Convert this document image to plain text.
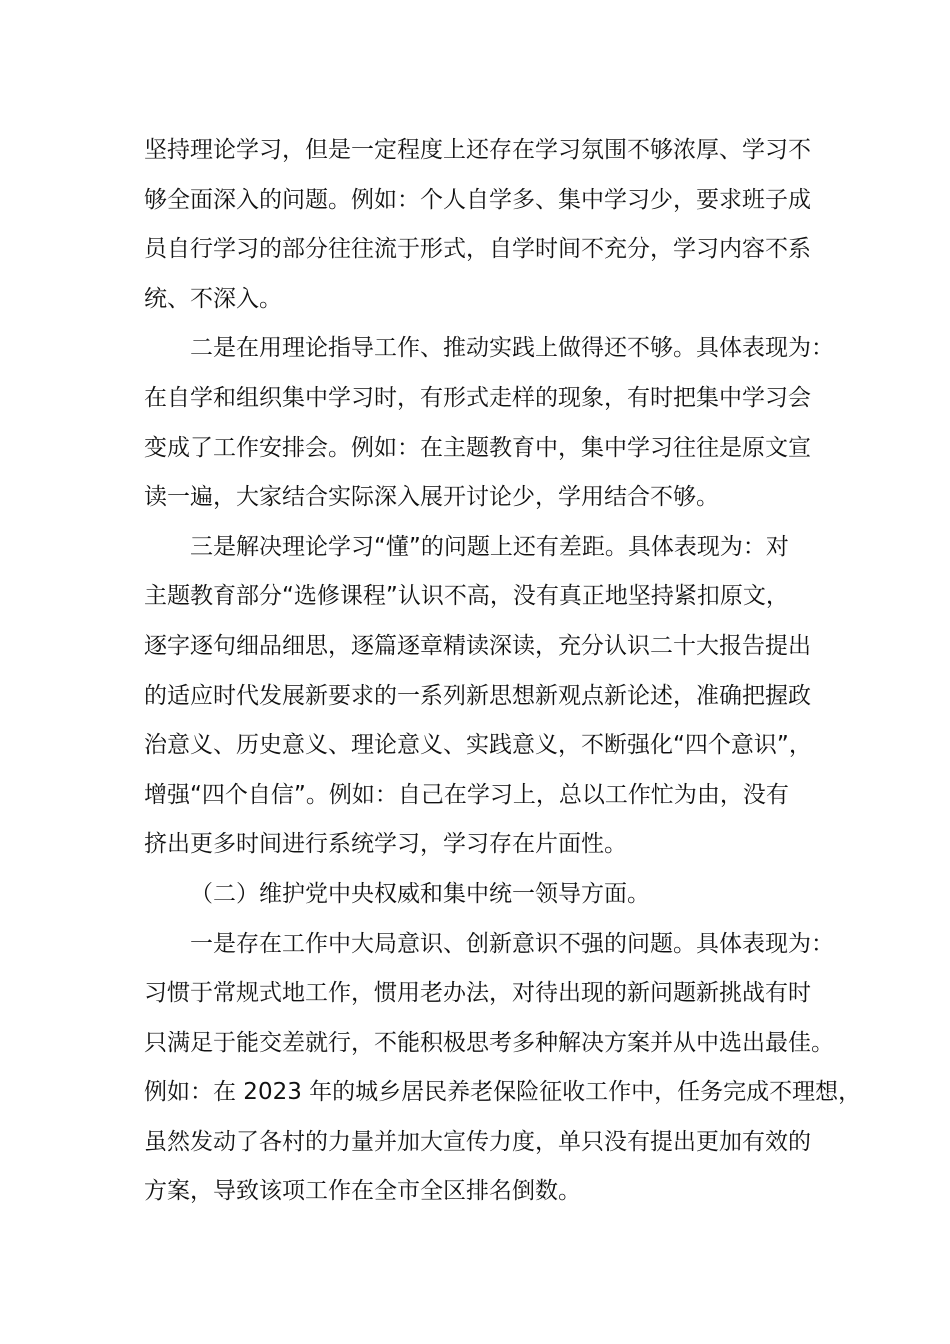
坚持理论学习，但是一定程度上还存在学习氛围不够浓厚、学习不
够全面深入的问题。例如：个人自学多、集中学习少，要求班子成
员自行学习的部分往往流于形式，自学时间不充分，学习内容不系
统、不深入。
二是在用理论指导工作、推动实践上做得还不够。具体表现为：
在自学和组织集中学习时，有形式走样的现象，有时把集中学习会
变成了工作安排会。例如：在主题教育中，集中学习往往是原文宣
读一遍，大家结合实际深入展开讨论少，学用结合不够。
三是解决理论学习“懂”的问题上还有差距。具体表现为：对
主题教育部分“选修课程”认识不高，没有真正地坚持紧扣原文，
逐字逐句细品细思，逐篇逐章精读深读，充分认识二十大报告提出
的适应时代发展新要求的一系列新思想新观点新论述，准确把握政
治意义、历史意义、理论意义、实践意义，不断强化“四个意识”，
增强“四个自信”。例如：自己在学习上，总以工作忙为由，没有
挤出更多时间进行系统学习，学习存在片面性。
（二）维护党中央权威和集中统一领导方面。
一是存在工作中大局意识、创新意识不强的问题。具体表现为：
习惯于常规式地工作，惯用老办法，对待出现的新问题新挑战有时
只满足于能交差就行，不能积极思考多种解决方案并从中选出最佳。
例如：在 2023 年的城乡居民养老保险征收工作中，任务完成不理想，
虽然发动了各村的力量并加大宣传力度，单只没有提出更加有效的
方案，导致该项工作在全市全区排名倒数。
